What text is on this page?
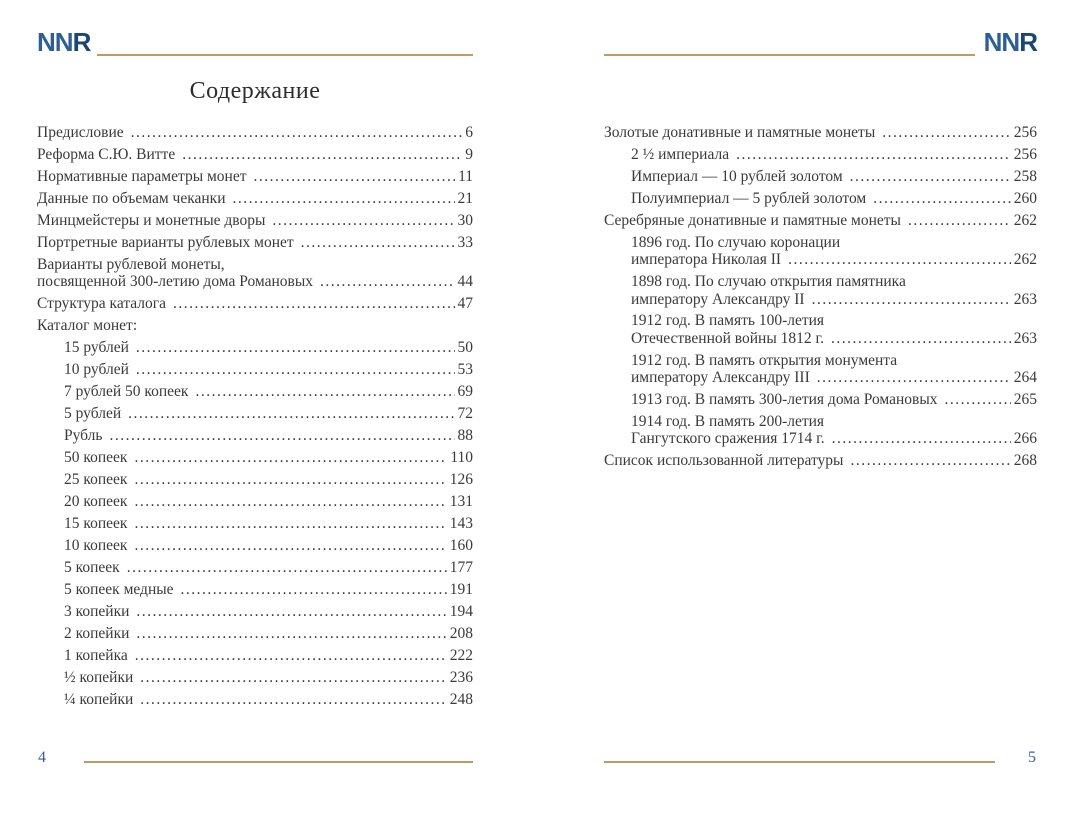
NNR
Содержание
Предисловие .....	6
Реформа С.Ю. Витте .....	9
Нормативные параметры монет .....	11
Данные по объемам чеканки .....	21
Минцмейстеры и монетные дворы .....	30
Портретные варианты рублевых монет .....	33
Варианты рублевой монеты,
посвященной 300-летию дома Романовых .....	44
Структура каталога .....	47
Каталог монет:
15 рублей .....	50
10 рублей .....	53
7 рублей 50 копеек .....	69
5 рублей .....	72
Рубль .....	88
50 копеек .....	110
25 копеек .....	126
20 копеек .....	131
15 копеек .....	143
10 копеек .....	160
5 копеек .....	177
5 копеек медные .....	191
3 копейки .....	194
2 копейки .....	208
1 копейка .....	222
½ копейки .....	236
¼ копейки .....	248
4
NNR
Золотые донативные и памятные монеты .....	256
2 ½ империала .....	256
Империал — 10 рублей золотом .....	258
Полуимпериал — 5 рублей золотом .....	260
Серебряные донативные и памятные монеты .....	262
1896 год. По случаю коронации
императора Николая II .....	262
1898 год. По случаю открытия памятника
императору Александру II .....	263
1912 год. В память 100-летия
Отечественной войны 1812 г. .....	263
1912 год. В память открытия монумента
императору Александру III .....	264
1913 год. В память 300-летия дома Романовых .....	265
1914 год. В память 200-летия
Гангутского сражения 1714 г. .....	266
Список использованной литературы .....	268
5
